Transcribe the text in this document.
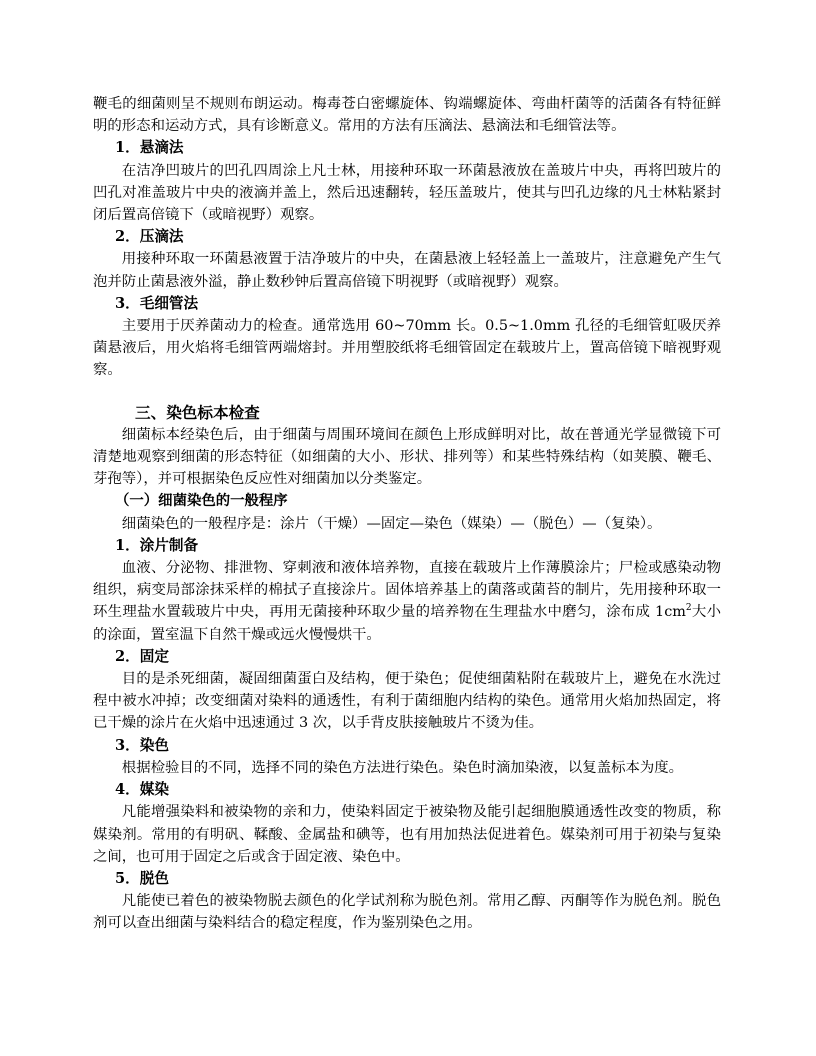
鞭毛的细菌则呈不规则布朗运动。梅毒苍白密螺旋体、钩端螺旋体、弯曲杆菌等的活菌各有特征鲜明的形态和运动方式，具有诊断意义。常用的方法有压滴法、悬滴法和毛细管法等。

1．悬滴法

在洁净凹玻片的凹孔四周涂上凡士林，用接种环取一环菌悬液放在盖玻片中央，再将凹玻片的凹孔对准盖玻片中央的液滴并盖上，然后迅速翻转，轻压盖玻片，使其与凹孔边缘的凡士林粘紧封闭后置高倍镜下（或暗视野）观察。

2．压滴法

用接种环取一环菌悬液置于洁净玻片的中央，在菌悬液上轻轻盖上一盖玻片，注意避免产生气泡并防止菌悬液外溢，静止数秒钟后置高倍镜下明视野（或暗视野）观察。

3．毛细管法

主要用于厌养菌动力的检查。通常选用 60~70mm 长。0.5~1.0mm 孔径的毛细管虹吸厌养菌悬液后，用火焰将毛细管两端熔封。并用塑胶纸将毛细管固定在载玻片上，置高倍镜下暗视野观察。

三、染色标本检查

细菌标本经染色后，由于细菌与周围环境间在颜色上形成鲜明对比，故在普通光学显微镜下可清楚地观察到细菌的形态特征（如细菌的大小、形状、排列等）和某些特殊结构（如荚膜、鞭毛、芽孢等），并可根据染色反应性对细菌加以分类鉴定。

（一）细菌染色的一般程序

细菌染色的一般程序是：涂片（干燥）—固定—染色（媒染）—（脱色）—（复染）。

1．涂片制备

血液、分泌物、排泄物、穿刺液和液体培养物，直接在载玻片上作薄膜涂片；尸检或感染动物组织，病变局部涂抹采样的棉拭子直接涂片。固体培养基上的菌落或菌苔的制片，先用接种环取一环生理盐水置载玻片中央，再用无菌接种环取少量的培养物在生理盐水中磨匀，涂布成 $1cm^2$大小的涂面，置室温下自然干燥或远火慢慢烘干。

2．固定

目的是杀死细菌，凝固细菌蛋白及结构，便于染色；促使细菌粘附在载玻片上，避免在水洗过程中被水冲掉；改变细菌对染料的通透性，有利于菌细胞内结构的染色。通常用火焰加热固定，将已干燥的涂片在火焰中迅速通过 3 次，以手背皮肤接触玻片不烫为佳。

3．染色

根据检验目的不同，选择不同的染色方法进行染色。染色时滴加染液，以复盖标本为度。

4．媒染

凡能增强染料和被染物的亲和力，使染料固定于被染物及能引起细胞膜通透性改变的物质，称媒染剂。常用的有明矾、鞣酸、金属盐和碘等，也有用加热法促进着色。媒染剂可用于初染与复染之间，也可用于固定之后或含于固定液、染色中。

5．脱色

凡能使已着色的被染物脱去颜色的化学试剂称为脱色剂。常用乙醇、丙酮等作为脱色剂。脱色剂可以查出细菌与染料结合的稳定程度，作为鉴别染色之用。
